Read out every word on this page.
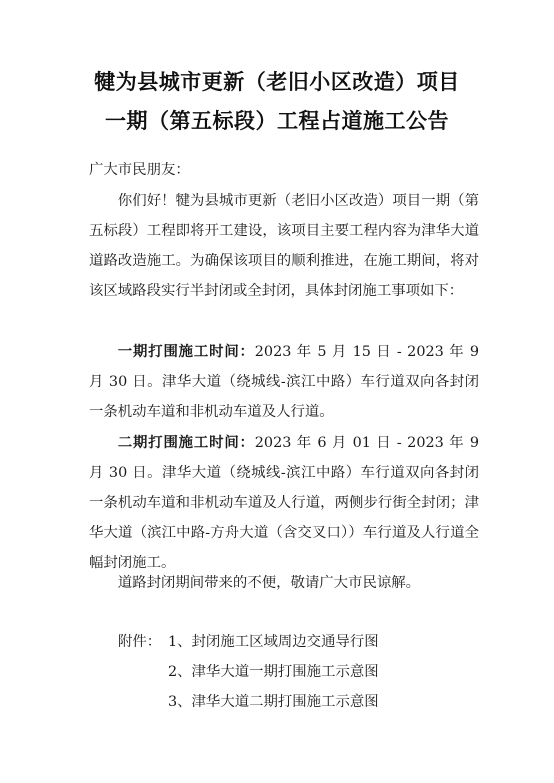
犍为县城市更新（老旧小区改造）项目
一期（第五标段）工程占道施工公告
广大市民朋友：
你们好！犍为县城市更新（老旧小区改造）项目一期（第五标段）工程即将开工建设，该项目主要工程内容为津华大道道路改造施工。为确保该项目的顺利推进，在施工期间，将对该区域路段实行半封闭或全封闭，具体封闭施工事项如下：
一期打围施工时间：2023 年 5 月 15 日 - 2023 年 9 月 30 日。津华大道（绕城线-滨江中路）车行道双向各封闭一条机动车道和非机动车道及人行道。
二期打围施工时间：2023 年 6 月 01 日 - 2023 年 9 月 30 日。津华大道（绕城线-滨江中路）车行道双向各封闭一条机动车道和非机动车道及人行道，两侧步行街全封闭；津华大道（滨江中路-方舟大道（含交叉口））车行道及人行道全幅封闭施工。
道路封闭期间带来的不便，敬请广大市民谅解。
附件： 1、封闭施工区域周边交通导行图
2、津华大道一期打围施工示意图
3、津华大道二期打围施工示意图
